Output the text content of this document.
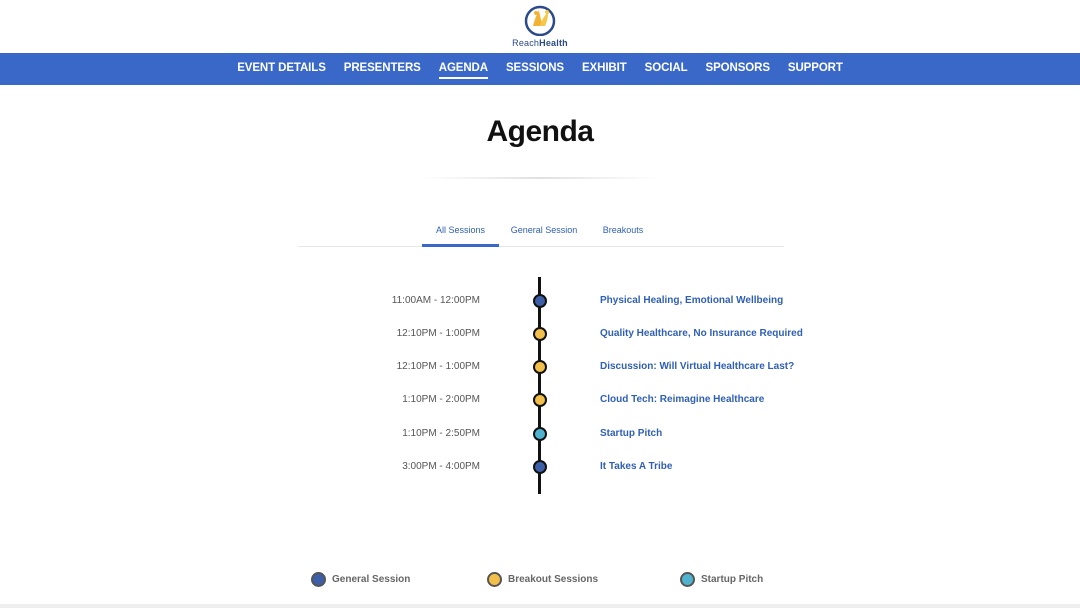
ReachHealth
EVENT DETAILS PRESENTERS AGENDA SESSIONS EXHIBIT SOCIAL SPONSORS SUPPORT
Agenda
All Sessions	General Session	Breakouts
11:00AM - 12:00PM	Physical Healing, Emotional Wellbeing
12:10PM - 1:00PM	Quality Healthcare, No Insurance Required
12:10PM - 1:00PM	Discussion: Will Virtual Healthcare Last?
1:10PM - 2:00PM	Cloud Tech: Reimagine Healthcare
1:10PM - 2:50PM	Startup Pitch
3:00PM - 4:00PM	It Takes A Tribe
General Session	Breakout Sessions	Startup Pitch
